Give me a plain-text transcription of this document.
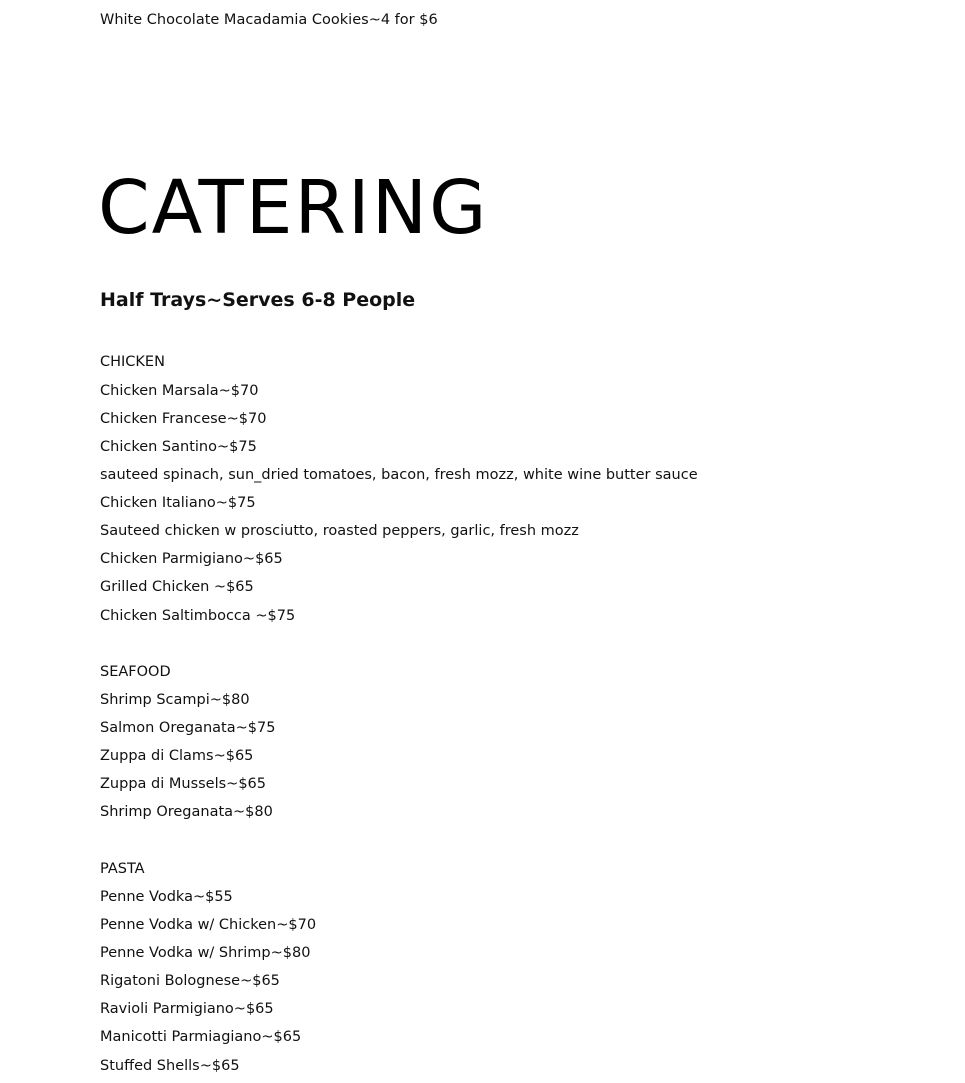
White Chocolate Macadamia Cookies~4 for $6
CATERING
Half Trays~Serves 6-8 People
CHICKEN
Chicken Marsala~$70
Chicken Francese~$70
Chicken Santino~$75
sauteed spinach, sun_dried tomatoes, bacon, fresh mozz, white wine butter sauce
Chicken Italiano~$75
Sauteed chicken w prosciutto, roasted peppers, garlic, fresh mozz
Chicken Parmigiano~$65
Grilled Chicken ~$65
Chicken Saltimbocca ~$75
SEAFOOD
Shrimp Scampi~$80
Salmon Oreganata~$75
Zuppa di Clams~$65
Zuppa di Mussels~$65
Shrimp Oreganata~$80
PASTA
Penne Vodka~$55
Penne Vodka w/ Chicken~$70
Penne Vodka w/ Shrimp~$80
Rigatoni Bolognese~$65
Ravioli Parmigiano~$65
Manicotti Parmiagiano~$65
Stuffed Shells~$65
